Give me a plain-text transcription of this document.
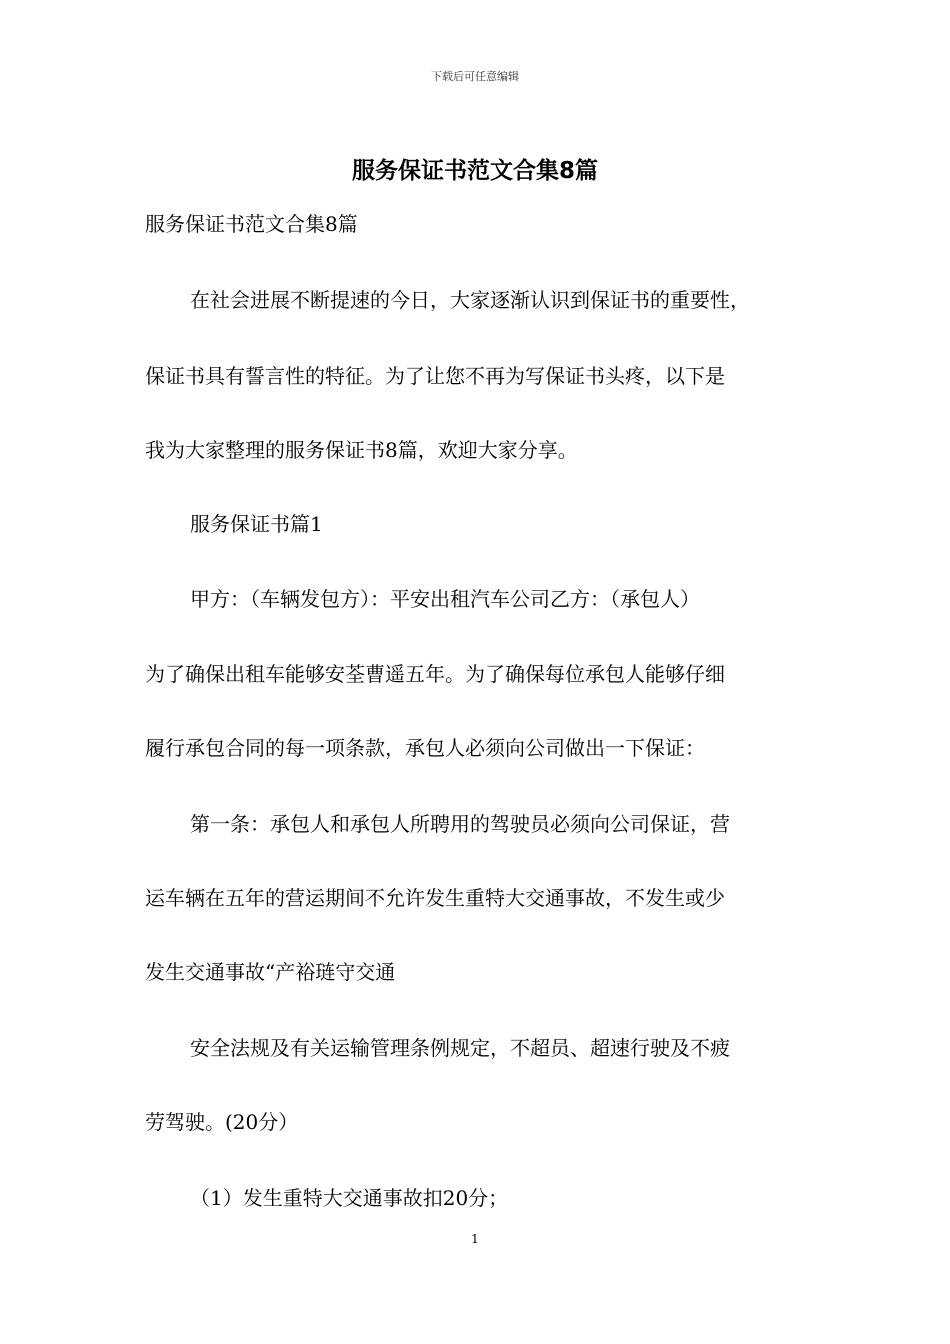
下载后可任意编辑
服务保证书范文合集8篇
服务保证书范文合集8篇
在社会进展不断提速的今日，大家逐渐认识到保证书的重要性，
保证书具有誓言性的特征。为了让您不再为写保证书头疼，以下是
我为大家整理的服务保证书8篇，欢迎大家分享。
服务保证书篇1
甲方：（车辆发包方）：平安出租汽车公司乙方：（承包人）
为了确保出租车能够安荃曹遥五年。为了确保每位承包人能够仔细
履行承包合同的每一项条款，承包人必须向公司做出一下保证：
第一条：承包人和承包人所聘用的驾驶员必须向公司保证，营
运车辆在五年的营运期间不允许发生重特大交通事故，不发生或少
发生交通事故“产裕琏守交通
安全法规及有关运输管理条例规定，不超员、超速行驶及不疲
劳驾驶。(20分）
（1）发生重特大交通事故扣20分；
1
